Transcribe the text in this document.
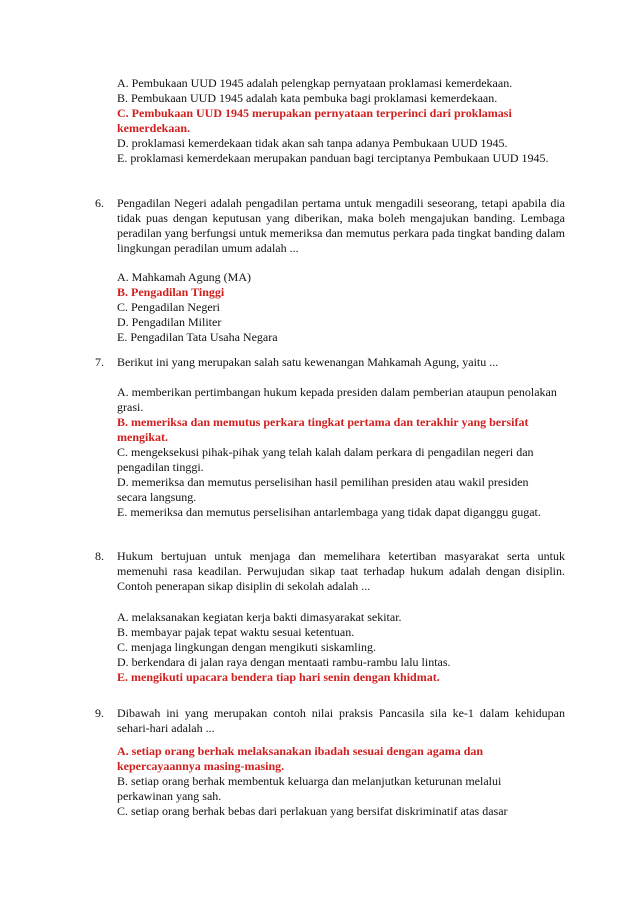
A. Pembukaan UUD 1945 adalah pelengkap pernyataan proklamasi kemerdekaan.
B. Pembukaan UUD 1945 adalah kata pembuka bagi proklamasi kemerdekaan.
C. Pembukaan UUD 1945 merupakan pernyataan terperinci dari proklamasi kemerdekaan.
D. proklamasi kemerdekaan tidak akan sah tanpa adanya Pembukaan UUD 1945.
E. proklamasi kemerdekaan merupakan panduan bagi terciptanya Pembukaan UUD 1945.
6.	Pengadilan Negeri adalah pengadilan pertama untuk mengadili seseorang, tetapi apabila dia tidak puas dengan keputusan yang diberikan, maka boleh mengajukan banding. Lembaga peradilan yang berfungsi untuk memeriksa dan memutus perkara pada tingkat banding dalam lingkungan peradilan umum adalah ...
A. Mahkamah Agung (MA)
B. Pengadilan Tinggi
C. Pengadilan Negeri
D. Pengadilan Militer
E. Pengadilan Tata Usaha Negara
7.	Berikut ini yang merupakan salah satu kewenangan Mahkamah Agung, yaitu ...
A. memberikan pertimbangan hukum kepada presiden dalam pemberian ataupun penolakan grasi.
B. memeriksa dan memutus perkara tingkat pertama dan terakhir yang bersifat mengikat.
C. mengeksekusi pihak-pihak yang telah kalah dalam perkara di pengadilan negeri dan pengadilan tinggi.
D. memeriksa dan memutus perselisihan hasil pemilihan presiden atau wakil presiden secara langsung.
E. memeriksa dan memutus perselisihan antarlembaga yang tidak dapat diganggu gugat.
8.	Hukum bertujuan untuk menjaga dan memelihara ketertiban masyarakat serta untuk memenuhi rasa keadilan. Perwujudan sikap taat terhadap hukum adalah dengan disiplin. Contoh penerapan sikap disiplin di sekolah adalah ...
A. melaksanakan kegiatan kerja bakti dimasyarakat sekitar.
B. membayar pajak tepat waktu sesuai ketentuan.
C. menjaga lingkungan dengan mengikuti siskamling.
D. berkendara di jalan raya dengan mentaati rambu-rambu lalu lintas.
E. mengikuti upacara bendera tiap hari senin dengan khidmat.
9.	Dibawah ini yang merupakan contoh nilai praksis Pancasila sila ke-1 dalam kehidupan sehari-hari adalah ...
A. setiap orang berhak melaksanakan ibadah sesuai dengan agama dan kepercayaannya masing-masing.
B. setiap orang berhak membentuk keluarga dan melanjutkan keturunan melalui perkawinan yang sah.
C. setiap orang berhak bebas dari perlakuan yang bersifat diskriminatif atas dasar
